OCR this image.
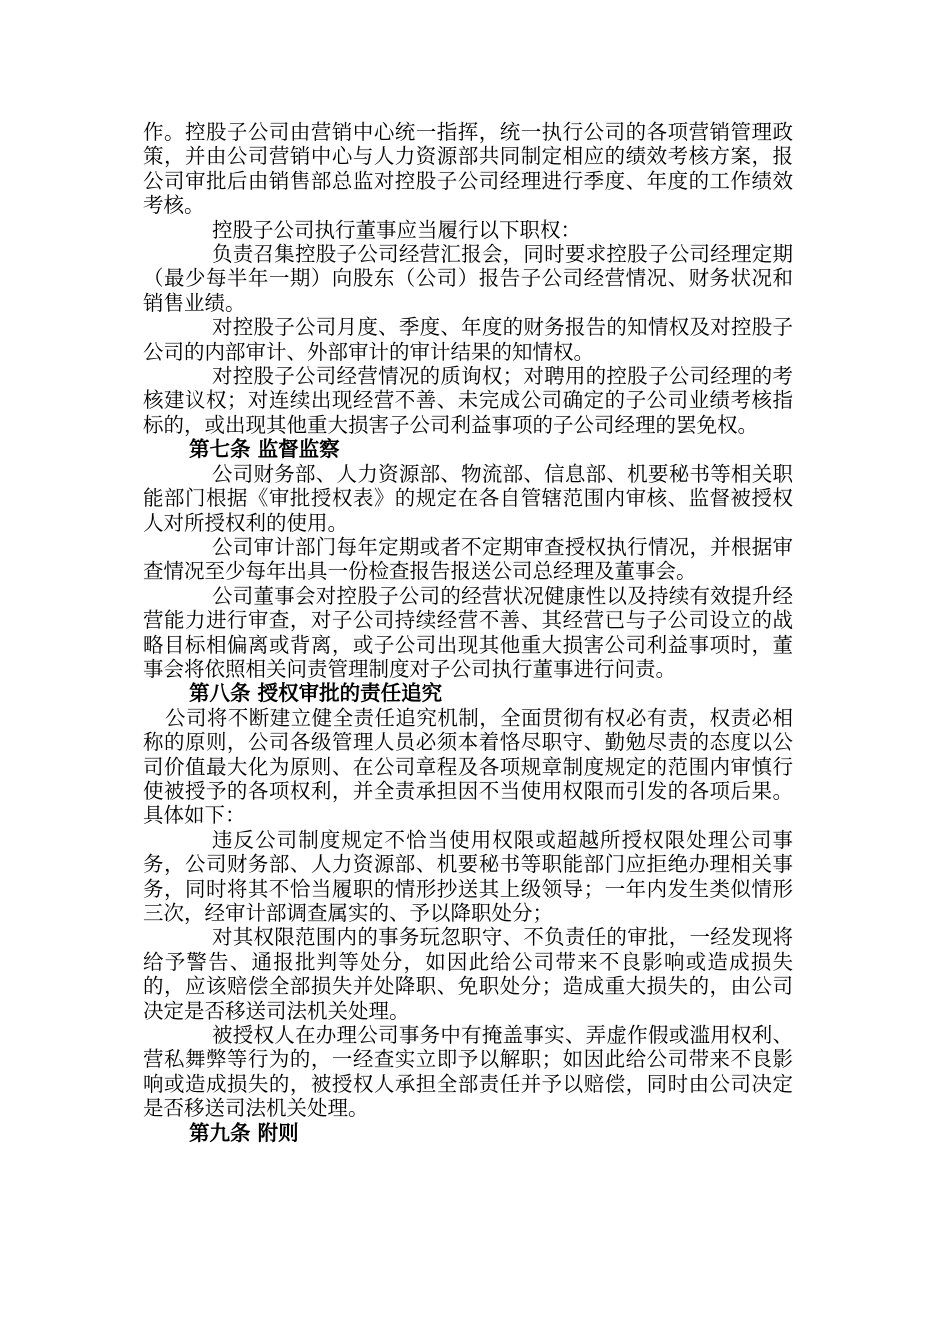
作。控股子公司由营销中心统一指挥，统一执行公司的各项营销管理政策，并由公司营销中心与人力资源部共同制定相应的绩效考核方案，报公司审批后由销售部总监对控股子公司经理进行季度、年度的工作绩效考核。

控股子公司执行董事应当履行以下职权：

负责召集控股子公司经营汇报会，同时要求控股子公司经理定期（最少每半年一期）向股东（公司）报告子公司经营情况、财务状况和销售业绩。

对控股子公司月度、季度、年度的财务报告的知情权及对控股子公司的内部审计、外部审计的审计结果的知情权。

对控股子公司经营情况的质询权；对聘用的控股子公司经理的考核建议权；对连续出现经营不善、未完成公司确定的子公司业绩考核指标的，或出现其他重大损害子公司利益事项的子公司经理的罢免权。

第七条 监督监察

公司财务部、人力资源部、物流部、信息部、机要秘书等相关职能部门根据《审批授权表》的规定在各自管辖范围内审核、监督被授权人对所授权利的使用。

公司审计部门每年定期或者不定期审查授权执行情况，并根据审查情况至少每年出具一份检查报告报送公司总经理及董事会。

公司董事会对控股子公司的经营状况健康性以及持续有效提升经营能力进行审查，对子公司持续经营不善、其经营已与子公司设立的战略目标相偏离或背离，或子公司出现其他重大损害公司利益事项时，董事会将依照相关问责管理制度对子公司执行董事进行问责。

第八条 授权审批的责任追究

公司将不断建立健全责任追究机制，全面贯彻有权必有责，权责必相称的原则，公司各级管理人员必须本着恪尽职守、勤勉尽责的态度以公司价值最大化为原则、在公司章程及各项规章制度规定的范围内审慎行使被授予的各项权利，并全责承担因不当使用权限而引发的各项后果。具体如下：

违反公司制度规定不恰当使用权限或超越所授权限处理公司事务，公司财务部、人力资源部、机要秘书等职能部门应拒绝办理相关事务，同时将其不恰当履职的情形抄送其上级领导；一年内发生类似情形三次，经审计部调查属实的、予以降职处分；

对其权限范围内的事务玩忽职守、不负责任的审批，一经发现将给予警告、通报批判等处分，如因此给公司带来不良影响或造成损失的，应该赔偿全部损失并处降职、免职处分；造成重大损失的，由公司决定是否移送司法机关处理。

被授权人在办理公司事务中有掩盖事实、弄虚作假或滥用权利、营私舞弊等行为的，一经查实立即予以解职；如因此给公司带来不良影响或造成损失的，被授权人承担全部责任并予以赔偿，同时由公司决定是否移送司法机关处理。

第九条 附则
